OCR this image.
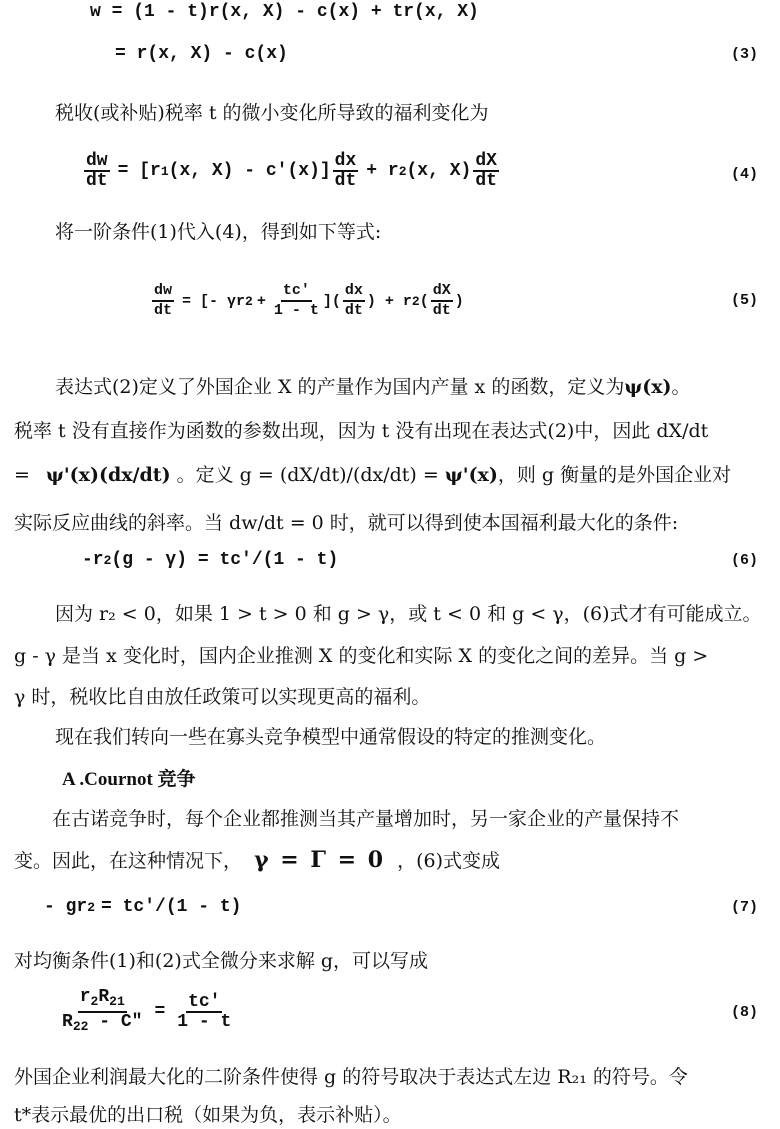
w = (1 - t)r(x, X) - c(x) + tr(x, X)
= r(x, X) - c(x)	(3)
税收(或补贴)税率 t 的微小变化所导致的福利变化为
$\frac{dw}{dt} = [r$ 1 (x, $X) - c'(x)] \frac{dx}{dt} + r$ 2 (x, $X) \frac{dX}{dt}$	(4)
将一阶条件(1)代入(4)，得到如下等式:
$\frac{dw}{dt}$ = [- γr $2 + \frac{tc'}{1 - t}$ ]( $\frac{dx}{dt}$ ) + r 2 ( $\frac{dX}{dt}$ )	(5)
表达式(2)定义了外国企业 X 的产量作为国内产量 x 的函数，定义为ψ(x)。
税率 t 没有直接作为函数的参数出现，因为 t 没有出现在表达式(2)中，因此 dX/dt
= ψ'(x)(dx/dt) 。定义 g = (dX/dt)/(dx/dt) = ψ'(x)，则 g 衡量的是外国企业对
实际反应曲线的斜率。当 dw/dt = 0 时，就可以得到使本国福利最大化的条件:
-r 2 (g - γ) = tc'/(1 - t)	(6)
因为 r₂ < 0，如果 1 > t > 0 和 g > γ，或 t < 0 和 g < γ，(6)式才有可能成立。
g - γ 是当 x 变化时，国内企业推测 X 的变化和实际 X 的变化之间的差异。当 g >
γ 时，税收比自由放任政策可以实现更高的福利。
现在我们转向一些在寡头竞争模型中通常假设的特定的推测变化。
A .Cournot 竞争
在古诺竞争时，每个企业都推测当其产量增加时，另一家企业的产量保持不
变。因此，在这种情况下， γ = Γ = 0 ，(6)式变成
- gr 2 = tc'/(1 - t)	(7)
对均衡条件(1)和(2)式全微分来求解 g，可以写成
$\frac{r_2R_{21}}{R_{22} - C"} = \frac{tc'}{1 - t}$	(8)
外国企业利润最大化的二阶条件使得 g 的符号取决于表达式左边 R₂₁ 的符号。令
t*表示最优的出口税（如果为负，表示补贴）。
